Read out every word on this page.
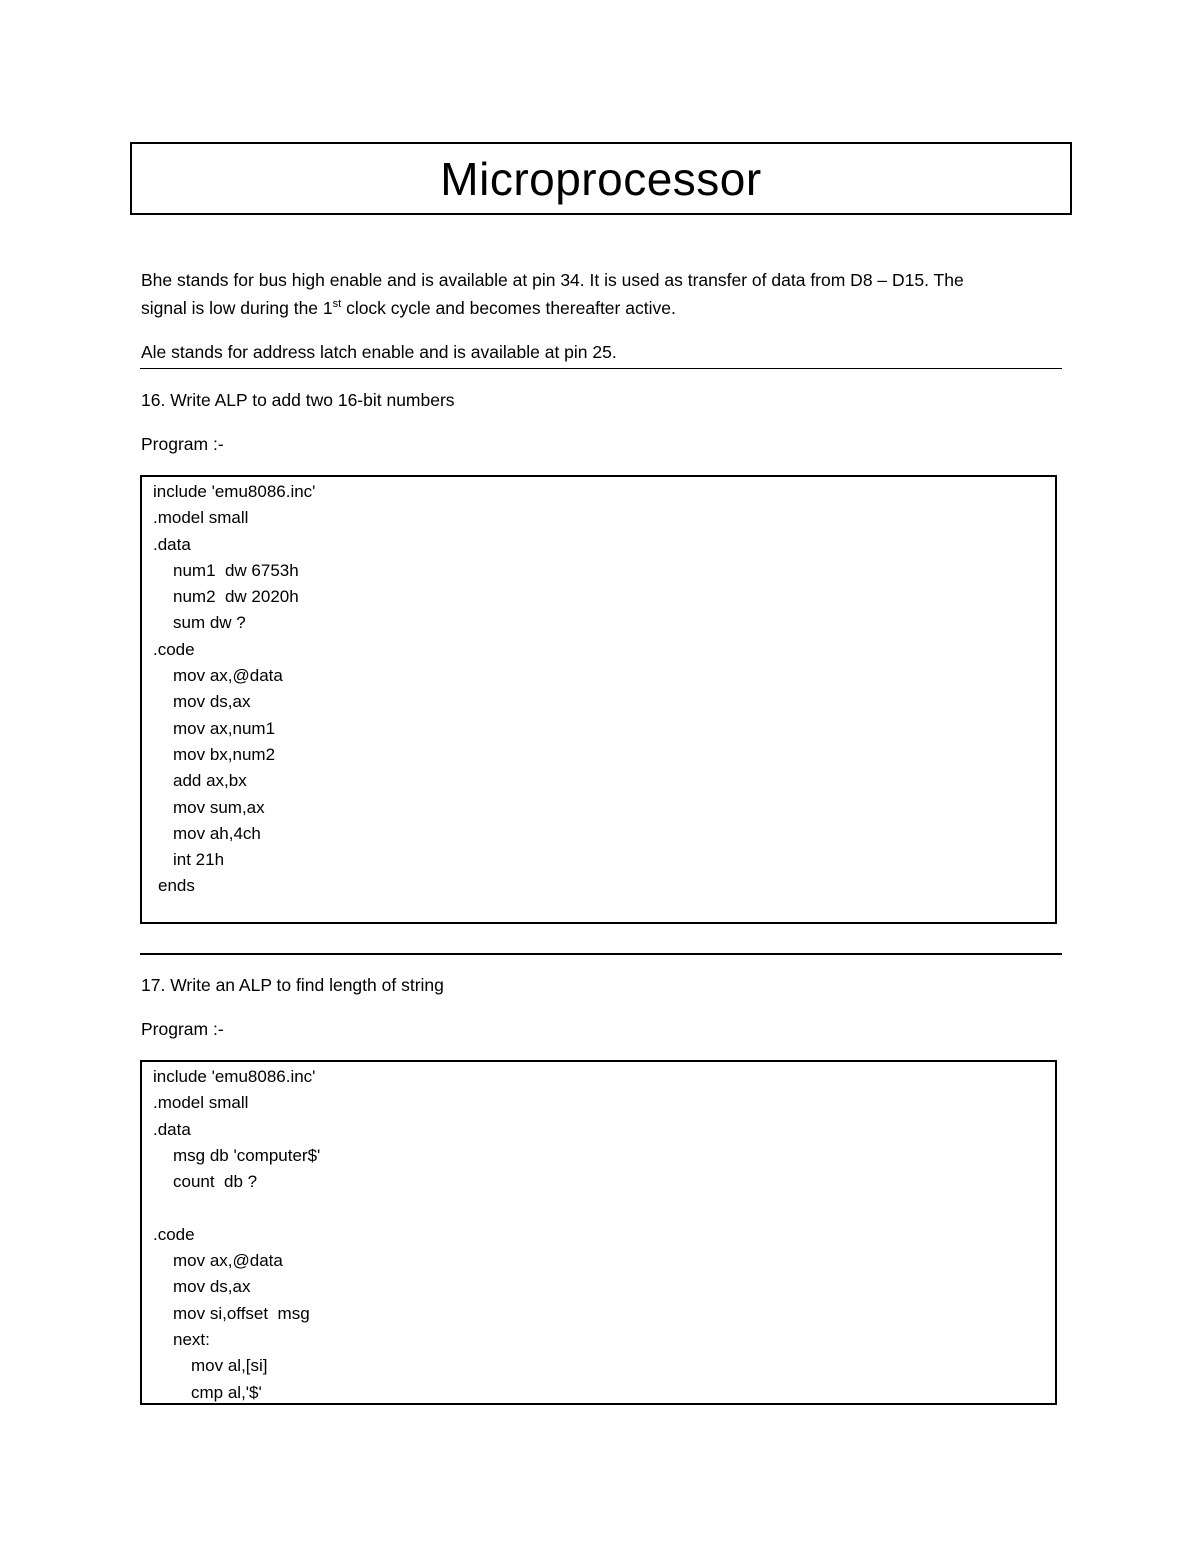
Microprocessor

Bhe stands for bus high enable and is available at pin 34. It is used as transfer of data from D8 – D15. The
signal is low during the 1st clock cycle and becomes thereafter active.

Ale stands for address latch enable and is available at pin 25.

16. Write ALP to add two 16-bit numbers

Program :-

include 'emu8086.inc'
.model small
.data
num1  dw 6753h
num2  dw 2020h
sum dw ?
.code
mov ax,@data
mov ds,ax
mov ax,num1
mov bx,num2
add ax,bx
mov sum,ax
mov ah,4ch
int 21h
ends

17. Write an ALP to find length of string

Program :-

include 'emu8086.inc'
.model small
.data
msg db 'computer$'
count  db ?
.code
mov ax,@data
mov ds,ax
mov si,offset  msg
next:
mov al,[si]
cmp al,'$'
